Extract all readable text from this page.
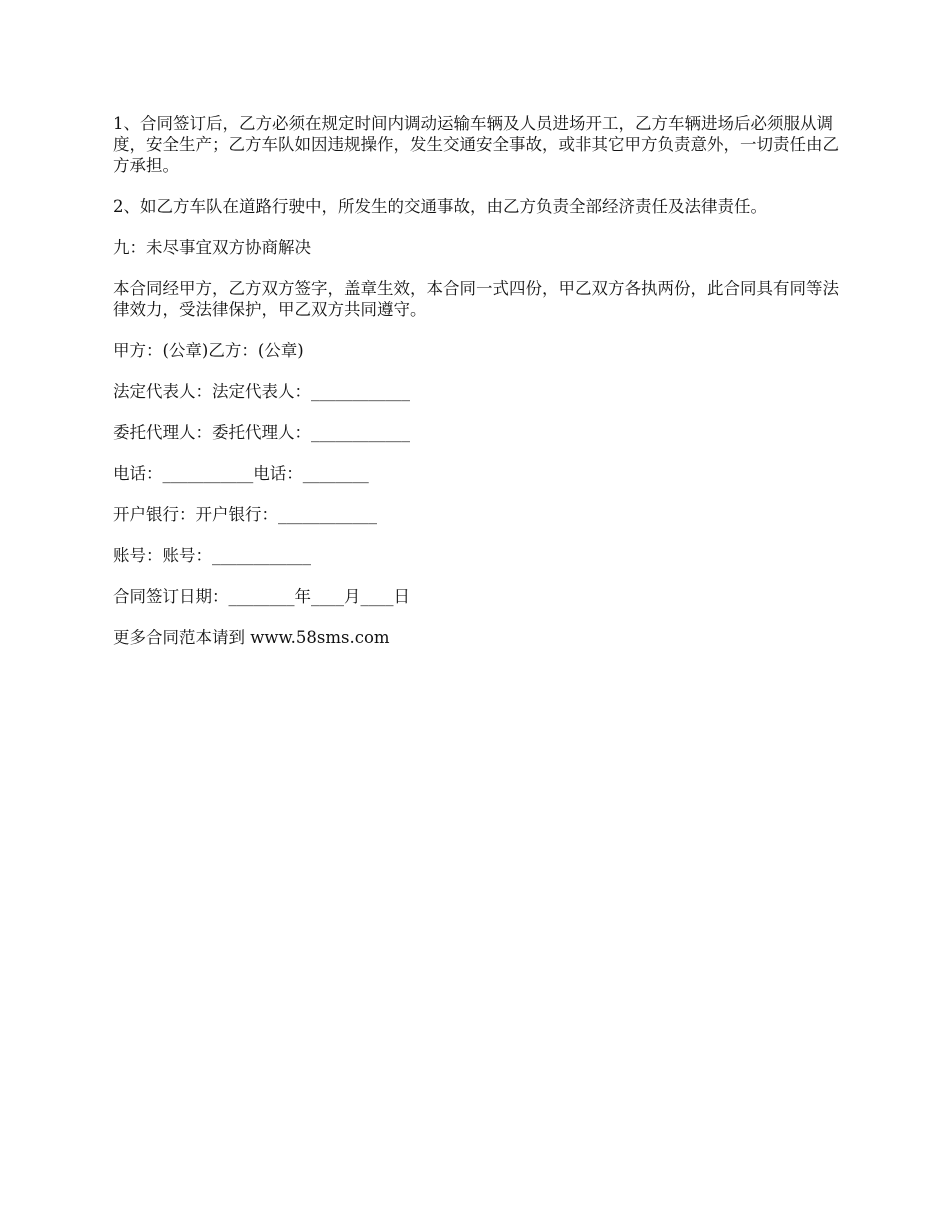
1、合同签订后，乙方必须在规定时间内调动运输车辆及人员进场开工，乙方车辆进场后必须服从调度，安全生产；乙方车队如因违规操作，发生交通安全事故，或非其它甲方负责意外，一切责任由乙方承担。

2、如乙方车队在道路行驶中，所发生的交通事故，由乙方负责全部经济责任及法律责任。

九：未尽事宜双方协商解决

本合同经甲方，乙方双方签字，盖章生效，本合同一式四份，甲乙双方各执两份，此合同具有同等法律效力，受法律保护，甲乙双方共同遵守。

甲方：(公章)乙方：(公章)

法定代表人：法定代表人：____________

委托代理人：委托代理人：____________

电话：___________电话：________

开户银行：开户银行：____________

账号：账号：____________

合同签订日期：________年____月____日

更多合同范本请到 www.58sms.com
